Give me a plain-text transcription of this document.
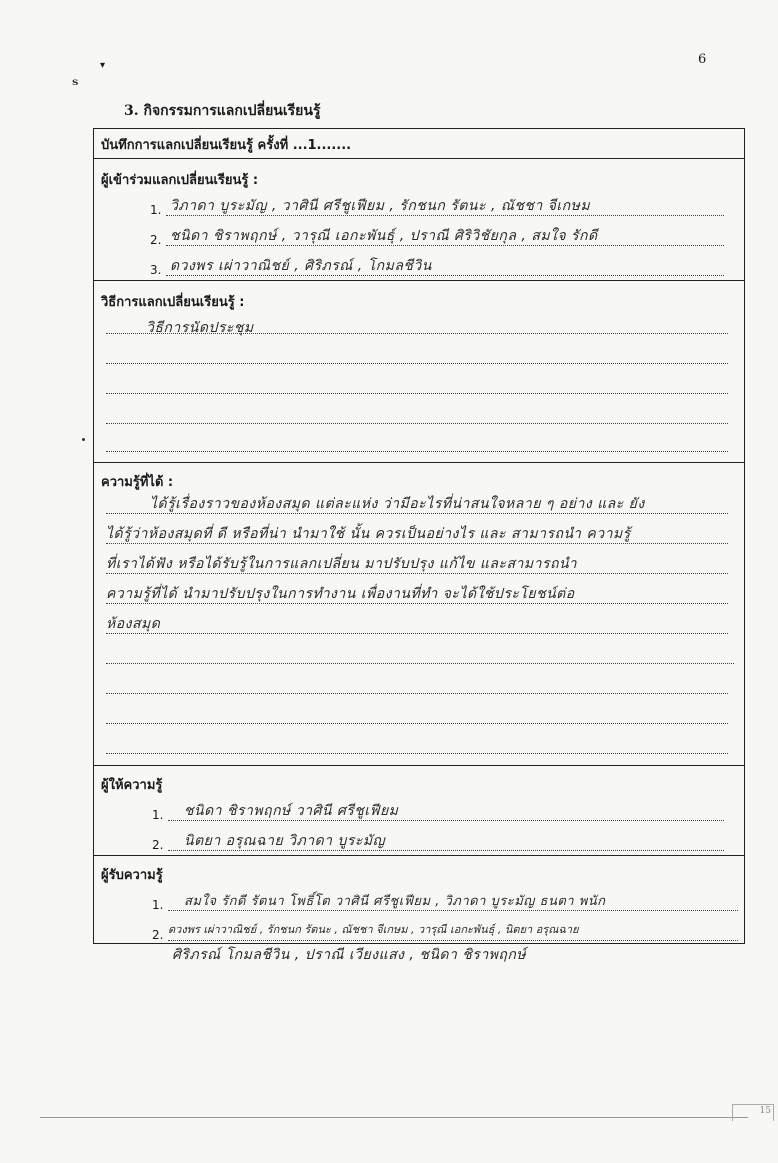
6
ᵀ
▾
3. กิจกรรมการแลกเปลี่ยนเรียนรู้
บันทึกการแลกเปลี่ยนเรียนรู้ ครั้งที่ ...1.......
ผู้เข้าร่วมแลกเปลี่ยนเรียนรู้ :
1. วิภาดา บูระมัญ , วาศินี ศรีชูเฟียม , รักชนก รัตนะ , ณัชชา จีเกษม
2. ชนิดา ชิราพฤกษ์ , วารุณี เอกะพันธุ์ , ปราณี ศิริวิชัยกุล , สมใจ รักดี
3. ดวงพร เผ่าวาณิชย์ , ศิริภรณ์ , โกมลชีวิน
วิธีการแลกเปลี่ยนเรียนรู้ :
วิธีการนัดประชุม
ความรู้ที่ได้ :
ได้รู้เรื่องราวของห้องสมุด แต่ละแห่ง ว่ามีอะไรที่น่าสนใจหลาย ๆ อย่าง และ ยัง
ได้รู้ว่าห้องสมุดที่ ดี หรือที่น่า นำมาใช้ นั้น ควรเป็นอย่างไร และ สามารถนำ ความรู้
ที่เราได้ฟัง หรือได้รับรู้ในการแลกเปลี่ยน มาปรับปรุง แก้ไข และสามารถนำ
ความรู้ที่ได้ นำมาปรับปรุงในการทำงาน เพื่องานที่ทำ จะได้ใช้ประโยชน์ต่อ
ห้องสมุด
ผู้ให้ความรู้
1. ชนิดา ชิราพฤกษ์ วาศินี ศรีชูเฟียม
2. นิตยา อรุณฉาย วิภาดา บูระมัญ
ผู้รับความรู้
1. สมใจ รักดี รัตนา โพธิ์โต วาศินี ศรีชูเฟียม , วิภาดา บูระมัญ ธนตา พนัก
2. ดวงพร เผ่าวาณิชย์ , รักชนก รัตนะ , ณัชชา จีเกษม , วารุณี เอกะพันธุ์ , นิตยา อรุณฉาย
ศิริภรณ์ โกมลชีวิน , ปราณี เวียงแสง , ชนิดา ชิราพฤกษ์
15
